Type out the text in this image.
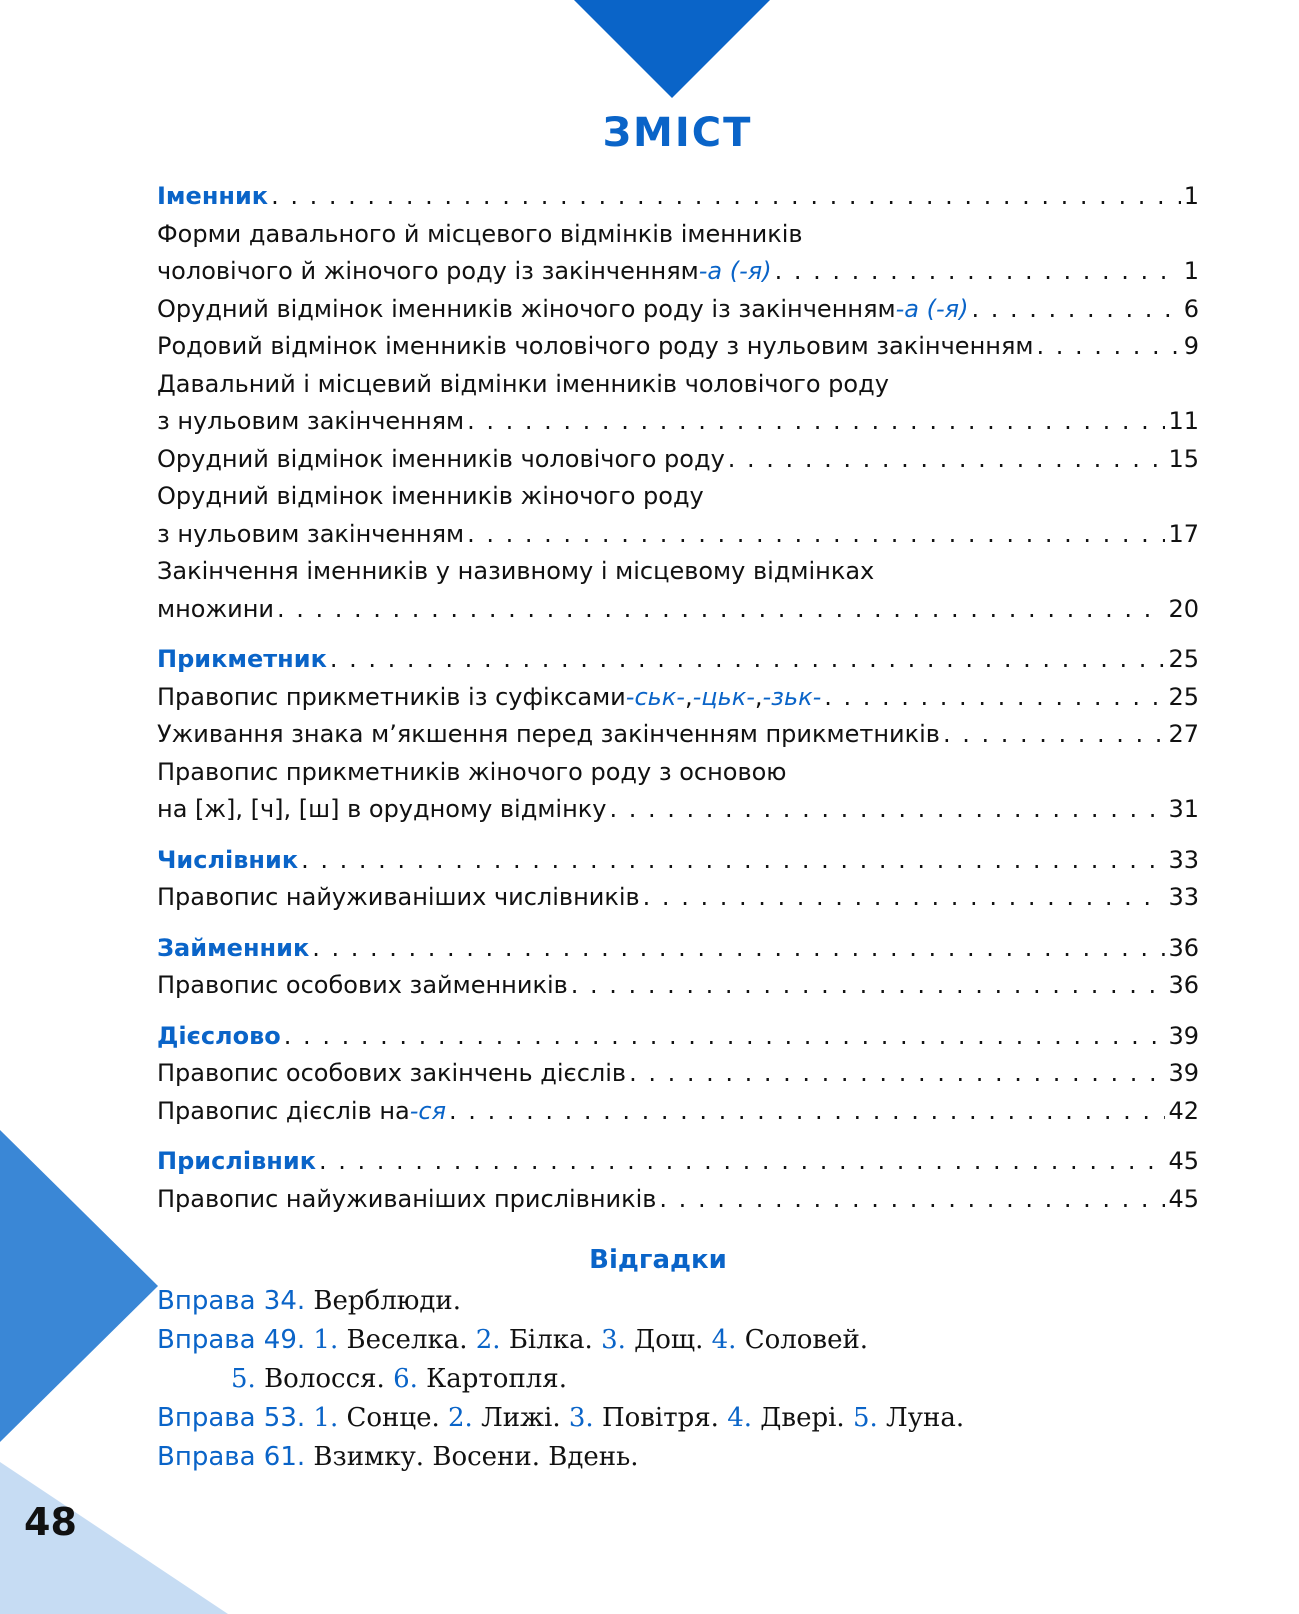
ЗМІСТ
Іменник . . .	1
Форми давального й місцевого відмінків іменників
чоловічого й жіночого роду із закінченням -а (-я) . . .	1
Орудний відмінок іменників жіночого роду із закінченням -а (-я) . . .	6
Родовий відмінок іменників чоловічого роду з нульовим закінченням . . .	9
Давальний і місцевий відмінки іменників чоловічого роду
з нульовим закінченням . . .	11
Орудний відмінок іменників чоловічого роду . . .	15
Орудний відмінок іменників жіночого роду
з нульовим закінченням . . .	17
Закінчення іменників у називному і місцевому відмінках
множини . . .	20
Прикметник . . .	25
Правопис прикметників із суфіксами -ськ- , -цьк- , -зьк- . . .	25
Уживання знака м’якшення перед закінченням прикметників . . .	27
Правопис прикметників жіночого роду з основою
на [ж], [ч], [ш] в орудному відмінку . . .	31
Числівник . . .	33
Правопис найуживаніших числівників . . .	33
Займенник . . .	36
Правопис особових займенників . . .	36
Дієслово . . .	39
Правопис особових закінчень дієслів . . .	39
Правопис дієслів на -ся . . .	42
Прислівник . . .	45
Правопис найуживаніших прислівників . . .	45
Відгадки
Вправа 34. Верблюди.
Вправа 49. 1. Веселка. 2. Білка. 3. Дощ. 4. Соловей.
5. Волосся. 6. Картопля.
Вправа 53. 1. Сонце. 2. Лижі. 3. Повітря. 4. Двері. 5. Луна.
Вправа 61. Взимку. Восени. Вдень.
48
